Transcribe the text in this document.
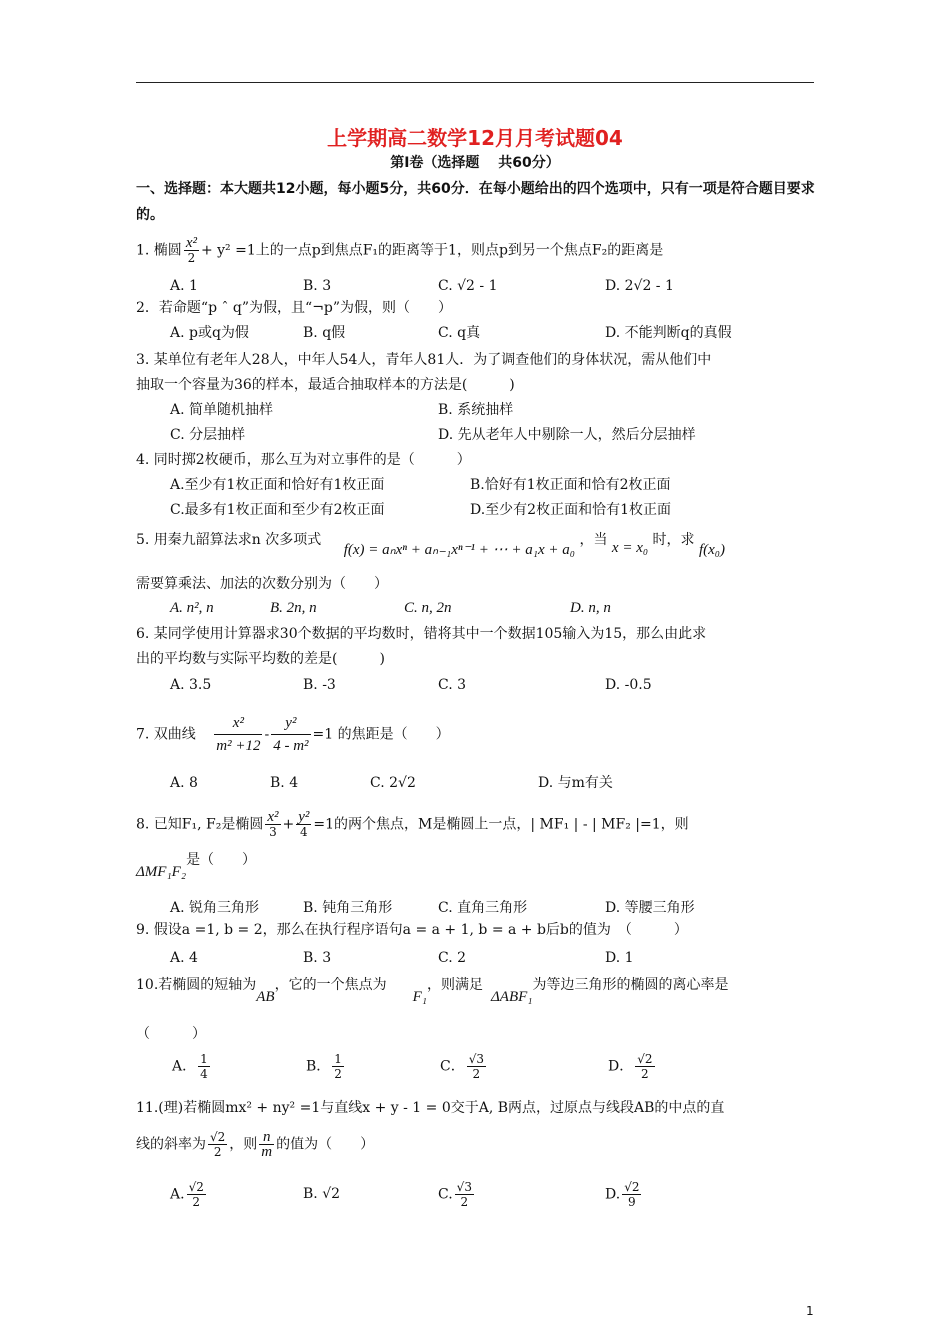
上学期高二数学12月月考试题04
第Ⅰ卷（选择题　 共60分）
一、选择题：本大题共12小题，每小题5分，共60分．在每小题给出的四个选项中，只有一项是符合题目要求的。
1. 椭圆 $\frac{\text{x²}}{2} + y^2 =1$上的一点p到焦点F₁的距离等于1，则点p到另一个焦点F₂的距离是
A. 1	B. 3	C. √2 - 1	D. 2√2 - 1
2．若命题“p ˆ q”为假，且“¬p”为假，则（　　）
A. p或q为假	B. q假	C. q真	D. 不能判断q的真假
3. 某单位有老年人28人，中年人54人，青年人81人．为了调查他们的身体状况，需从他们中
抽取一个容量为36的样本，最适合抽取样本的方法是(　　　)
A. 简单随机抽样	B. 系统抽样
C. 分层抽样	D. 先从老年人中剔除一人，然后分层抽样
4. 同时掷2枚硬币，那么互为对立事件的是（　　　）
A.至少有1枚正面和恰好有1枚正面	B.恰好有1枚正面和恰有2枚正面
C.最多有1枚正面和至少有2枚正面	D.至少有2枚正面和恰有1枚正面
5. 用秦九韶算法求n 次多项式 f(x) = aₙxⁿ + aₙ₋₁xⁿ⁻¹ + ⋯ + a₁x + a₀ ，当 x = x₀ 时，求 f(x₀)
需要算乘法、加法的次数分别为（　　）
A. n², n	B. 2n, n	C. n, 2n	D. n, n
6. 某同学使用计算器求30个数据的平均数时，错将其中一个数据105输入为15，那么由此求
出的平均数与实际平均数的差是(　　　)
A. 3.5	B. -3	C. 3	D. -0.5
7. 双曲线 $\frac{\text{x²}}{\text{m² +12}} - \frac{\text{y²}}{\text{4 - m²}} =1$ 的焦距是（　　）
A. 8	B. 4	C. 2√2	D. 与m有关
8. 已知F₁, F₂是椭圆 $\frac{\text{x²}}{3} + \frac{\text{y²}}{4} =1$的两个焦点，M是椭圆上一点，| MF₁ | - | MF₂ |=1，则
ΔMF₁F₂是（　　）
A. 锐角三角形	B. 钝角三角形	C. 直角三角形	D. 等腰三角形
9. 假设a =1, b = 2，那么在执行程序语句a = a + 1, b = a + b后b的值为　（　　　）
A. 4	B. 3	C. 2	D. 1
10.若椭圆的短轴为AB，它的一个焦点为F₁，则满足ΔABF₁为等边三角形的椭圆的离心率是
（　　　）
A． $\frac{1}{4}$	B． $\frac{1}{2}$	C． $\frac{√3}{2}$	D． $\frac{√2}{2}$
11.(理)若椭圆mx² + ny² =1与直线x + y - 1 = 0交于A, B两点，过原点与线段AB的中点的直
线的斜率为 $\frac{√2}{2}$ ，则 $\frac{n}{m}$ 的值为（　　）
A. $\frac{√2}{2}$	B. √2	C. $\frac{√3}{2}$	D. $\frac{√2}{9}$
1
